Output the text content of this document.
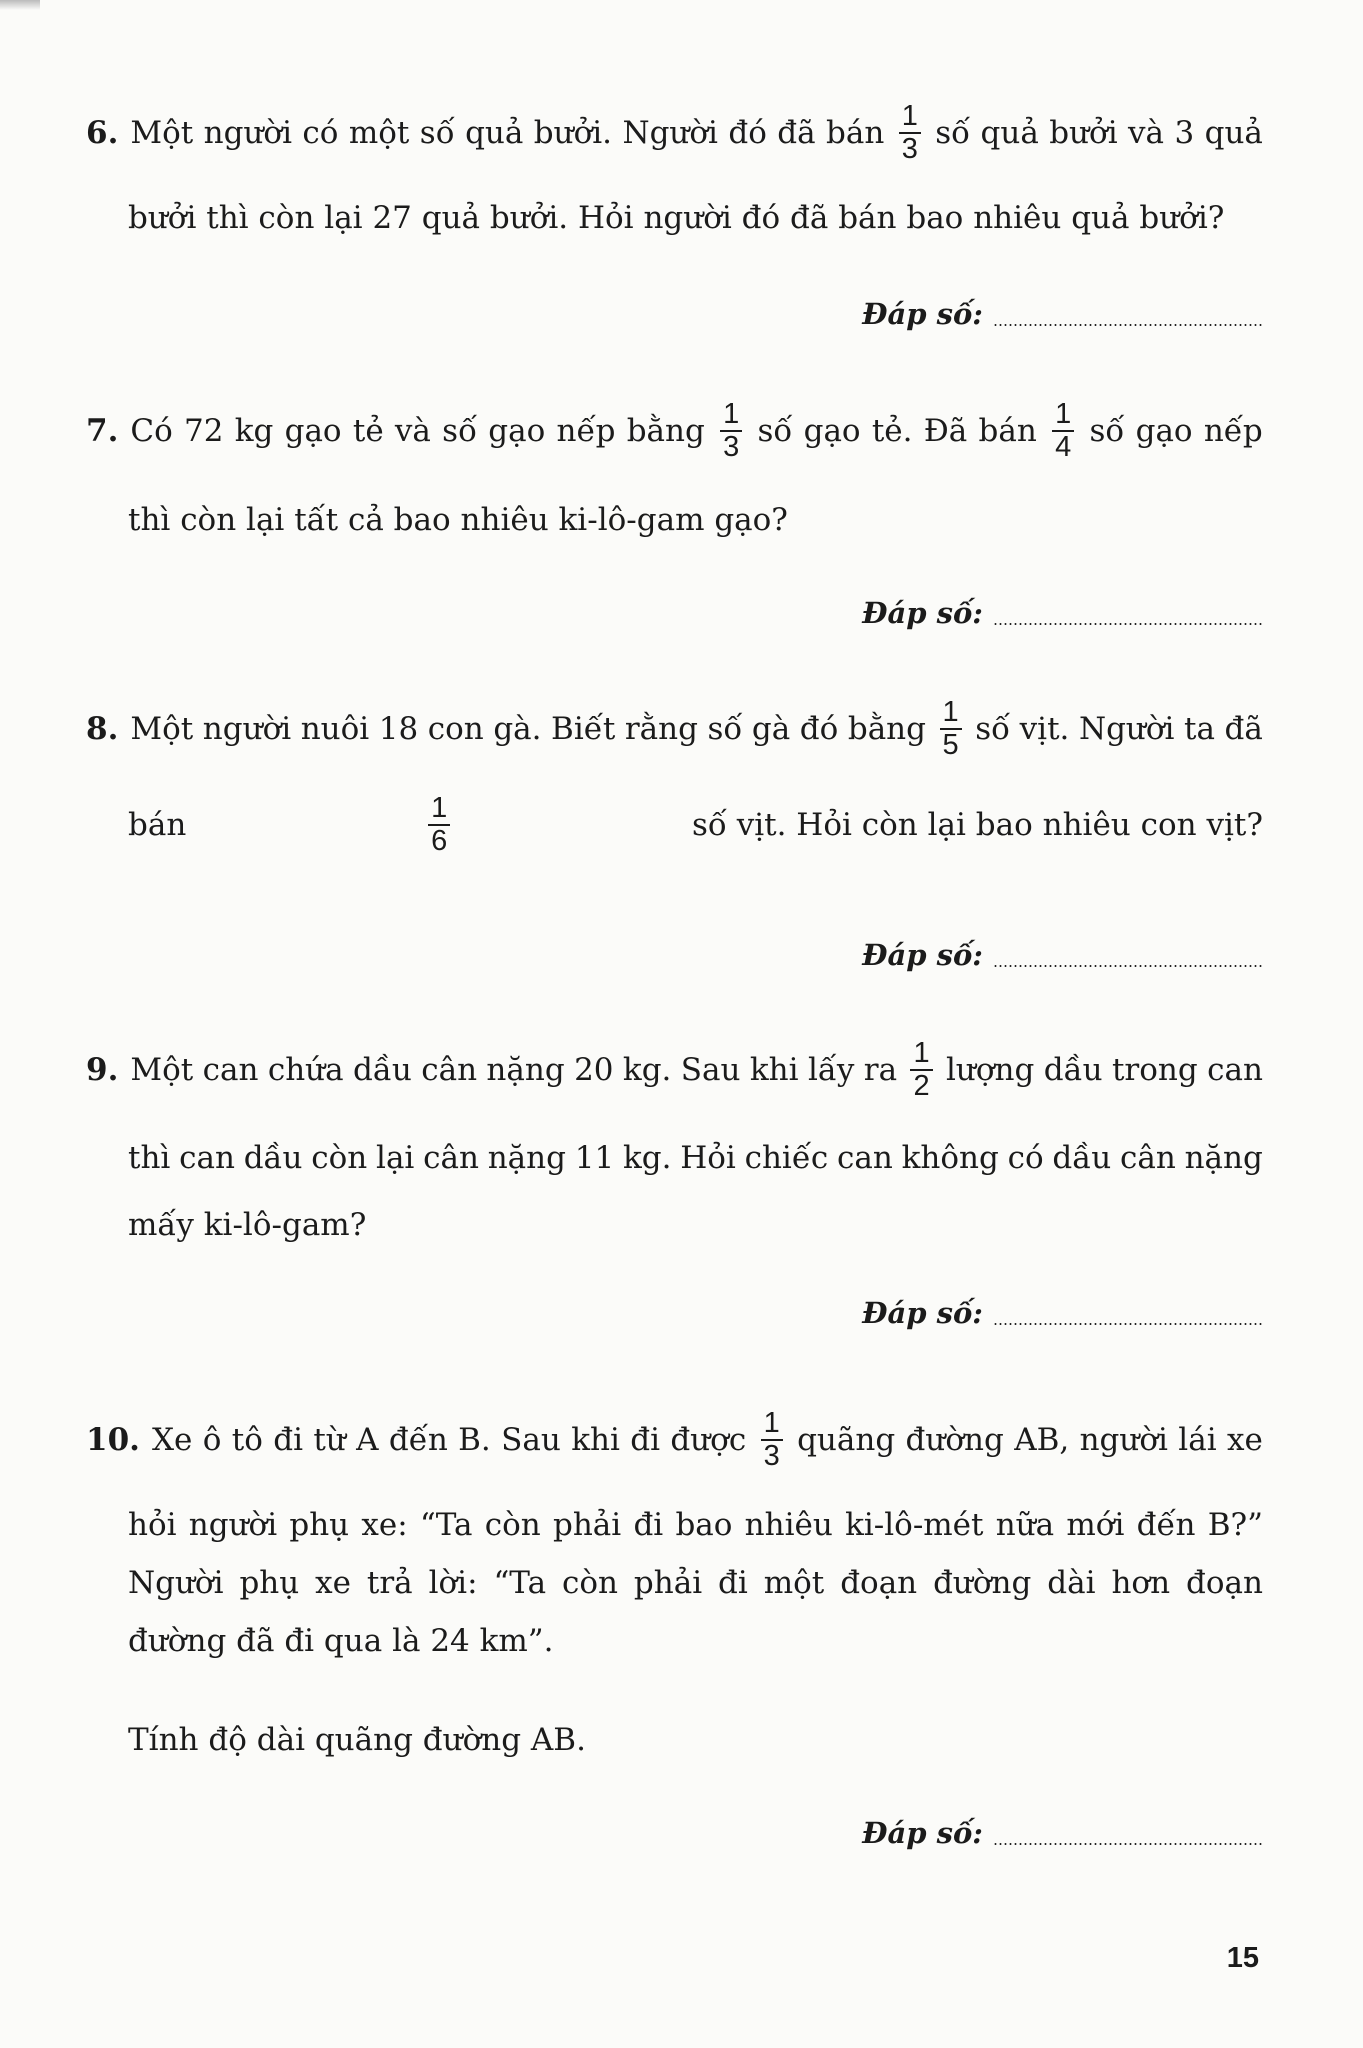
6. Một người có một số quả bưởi. Người đó đã bán $\frac{1}{3}$ số quả bưởi và 3 quả
bưởi thì còn lại 27 quả bưởi. Hỏi người đó đã bán bao nhiêu quả bưởi?
Đáp số:
7. Có 72 kg gạo tẻ và số gạo nếp bằng $\frac{1}{3}$ số gạo tẻ. Đã bán $\frac{1}{4}$ số gạo nếp
thì còn lại tất cả bao nhiêu ki-lô-gam gạo?
Đáp số:
8. Một người nuôi 18 con gà. Biết rằng số gà đó bằng $\frac{1}{5}$ số vịt. Người ta đã
bán	$\frac{1}{6}$	số vịt. Hỏi còn lại bao nhiêu con vịt?
Đáp số:
9. Một can chứa dầu cân nặng 20 kg. Sau khi lấy ra $\frac{1}{2}$ lượng dầu trong can
thì can dầu còn lại cân nặng 11 kg. Hỏi chiếc can không có dầu cân nặng
mấy ki-lô-gam?
Đáp số:
10. Xe ô tô đi từ A đến B. Sau khi đi được $\frac{1}{3}$ quãng đường AB, người lái xe
hỏi người phụ xe: “Ta còn phải đi bao nhiêu ki-lô-mét nữa mới đến B?”
Người phụ xe trả lời: “Ta còn phải đi một đoạn đường dài hơn đoạn
đường đã đi qua là 24 km”.
Tính độ dài quãng đường AB.
Đáp số:
15
